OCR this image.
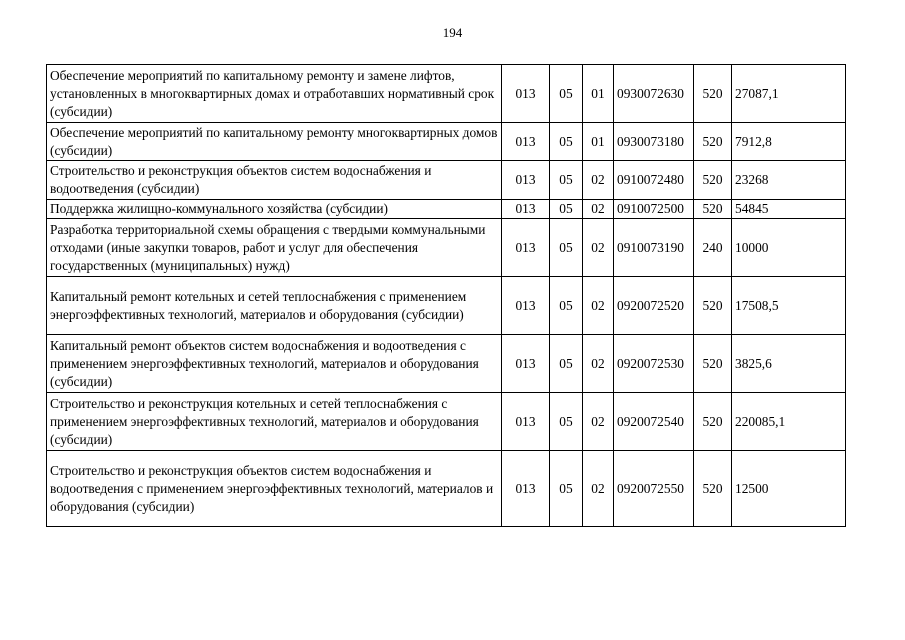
194
Обеспечение мероприятий по капитальному ремонту и замене лифтов, установленных в многоквартирных домах и отработавших нормативный срок (субсидии)	013	05	01	0930072630	520	27087,1
Обеспечение мероприятий по капитальному ремонту многоквартирных домов (субсидии)	013	05	01	0930073180	520	7912,8
Строительство и реконструкция объектов систем водоснабжения и водоотведения (субсидии)	013	05	02	0910072480	520	23268
Поддержка жилищно-коммунального хозяйства (субсидии)	013	05	02	0910072500	520	54845
Разработка территориальной схемы обращения с твердыми коммунальными отходами (иные закупки товаров, работ и услуг для обеспечения государственных (муниципальных) нужд)	013	05	02	0910073190	240	10000
Капитальный ремонт котельных и сетей теплоснабжения с применением энергоэффективных технологий, материалов и оборудования (субсидии)	013	05	02	0920072520	520	17508,5
Капитальный ремонт объектов систем водоснабжения и водоотведения с применением энергоэффективных технологий, материалов и оборудования (субсидии)	013	05	02	0920072530	520	3825,6
Строительство и реконструкция котельных и сетей теплоснабжения с применением энергоэффективных технологий, материалов и оборудования (субсидии)	013	05	02	0920072540	520	220085,1
Строительство и реконструкция объектов систем водоснабжения и водоотведения с применением энергоэффективных технологий, материалов и оборудования (субсидии)	013	05	02	0920072550	520	12500
